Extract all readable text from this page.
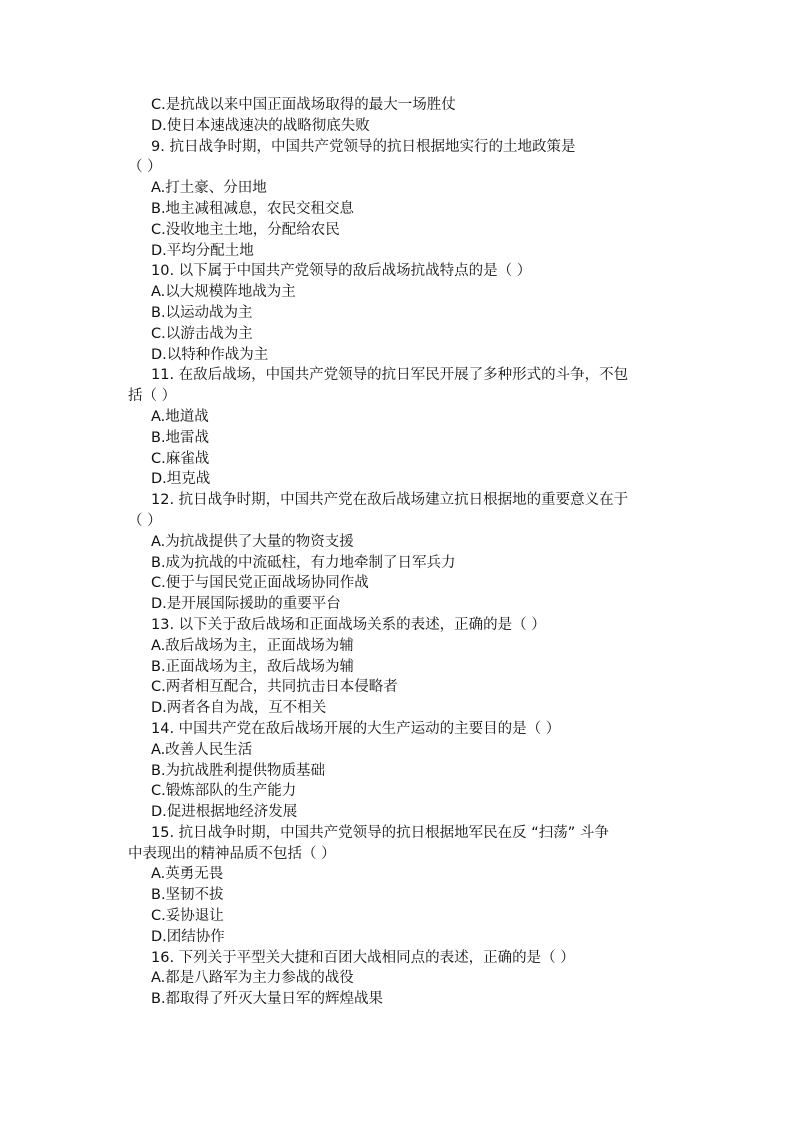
C.是抗战以来中国正面战场取得的最大一场胜仗
D.使日本速战速决的战略彻底失败
9. 抗日战争时期，中国共产党领导的抗日根据地实行的土地政策是
（ ）
A.打土豪、分田地
B.地主减租减息，农民交租交息
C.没收地主土地，分配给农民
D.平均分配土地
10. 以下属于中国共产党领导的敌后战场抗战特点的是（ ）
A.以大规模阵地战为主
B.以运动战为主
C.以游击战为主
D.以特种作战为主
11. 在敌后战场，中国共产党领导的抗日军民开展了多种形式的斗争，不包
括（ ）
A.地道战
B.地雷战
C.麻雀战
D.坦克战
12. 抗日战争时期，中国共产党在敌后战场建立抗日根据地的重要意义在于
（ ）
A.为抗战提供了大量的物资支援
B.成为抗战的中流砥柱，有力地牵制了日军兵力
C.便于与国民党正面战场协同作战
D.是开展国际援助的重要平台
13. 以下关于敌后战场和正面战场关系的表述，正确的是（ ）
A.敌后战场为主，正面战场为辅
B.正面战场为主，敌后战场为辅
C.两者相互配合，共同抗击日本侵略者
D.两者各自为战，互不相关
14. 中国共产党在敌后战场开展的大生产运动的主要目的是（ ）
A.改善人民生活
B.为抗战胜利提供物质基础
C.锻炼部队的生产能力
D.促进根据地经济发展
15. 抗日战争时期，中国共产党领导的抗日根据地军民在反 “扫荡” 斗争
中表现出的精神品质不包括（ ）
A.英勇无畏
B.坚韧不拔
C.妥协退让
D.团结协作
16. 下列关于平型关大捷和百团大战相同点的表述，正确的是（ ）
A.都是八路军为主力参战的战役
B.都取得了歼灭大量日军的辉煌战果
